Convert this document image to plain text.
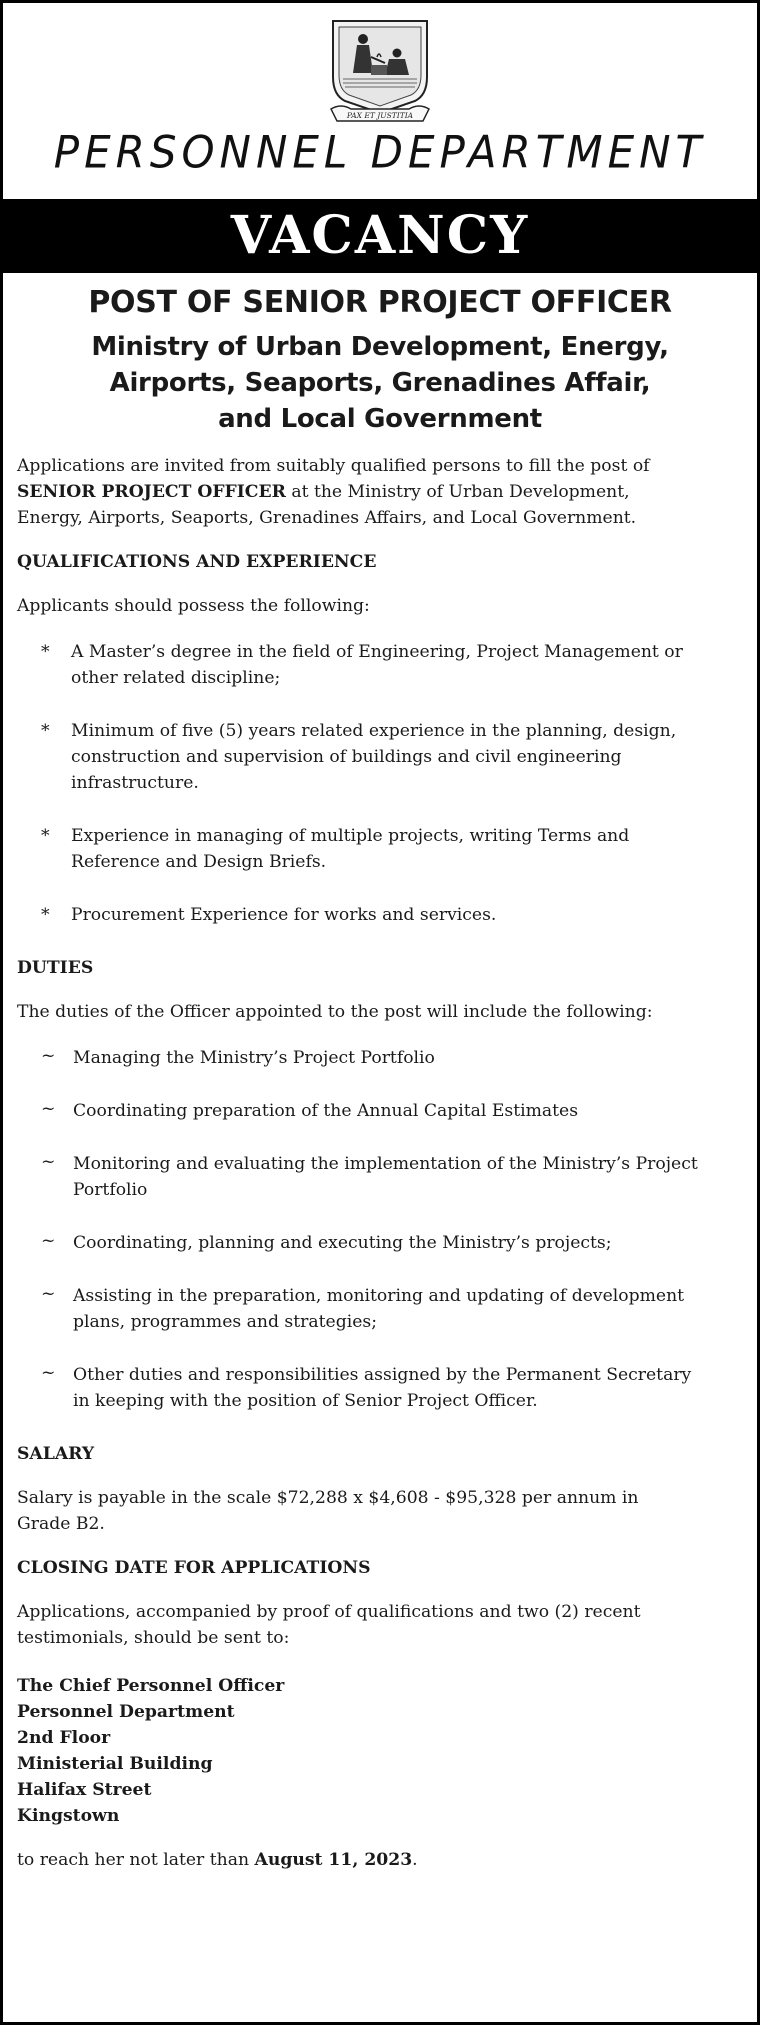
PAX ET JUSTITIA
PERSONNEL DEPARTMENT
VACANCY
POST OF SENIOR PROJECT OFFICER
Ministry of Urban Development, Energy,
Airports, Seaports, Grenadines Affair,
and Local Government

Applications are invited from suitably qualified persons to fill the post of
SENIOR PROJECT OFFICER at the Ministry of Urban Development,
Energy, Airports, Seaports, Grenadines Affairs, and Local Government.

QUALIFICATIONS AND EXPERIENCE

Applicants should possess the following:

* A Master’s degree in the field of Engineering, Project Management or
other related discipline;
* Minimum of five (5) years related experience in the planning, design,
construction and supervision of buildings and civil engineering
infrastructure.
* Experience in managing of multiple projects, writing Terms and
Reference and Design Briefs.
* Procurement Experience for works and services.

DUTIES

The duties of the Officer appointed to the post will include the following:

~ Managing the Ministry’s Project Portfolio
~ Coordinating preparation of the Annual Capital Estimates
~ Monitoring and evaluating the implementation of the Ministry’s Project
Portfolio
~ Coordinating, planning and executing the Ministry’s projects;
~ Assisting in the preparation, monitoring and updating of development
plans, programmes and strategies;
~ Other duties and responsibilities assigned by the Permanent Secretary
in keeping with the position of Senior Project Officer.

SALARY

Salary is payable in the scale $72,288 x $4,608 - $95,328 per annum in
Grade B2.

CLOSING DATE FOR APPLICATIONS

Applications, accompanied by proof of qualifications and two (2) recent
testimonials, should be sent to:

The Chief Personnel Officer
Personnel Department
2nd Floor
Ministerial Building
Halifax Street
Kingstown

to reach her not later than August 11, 2023.
